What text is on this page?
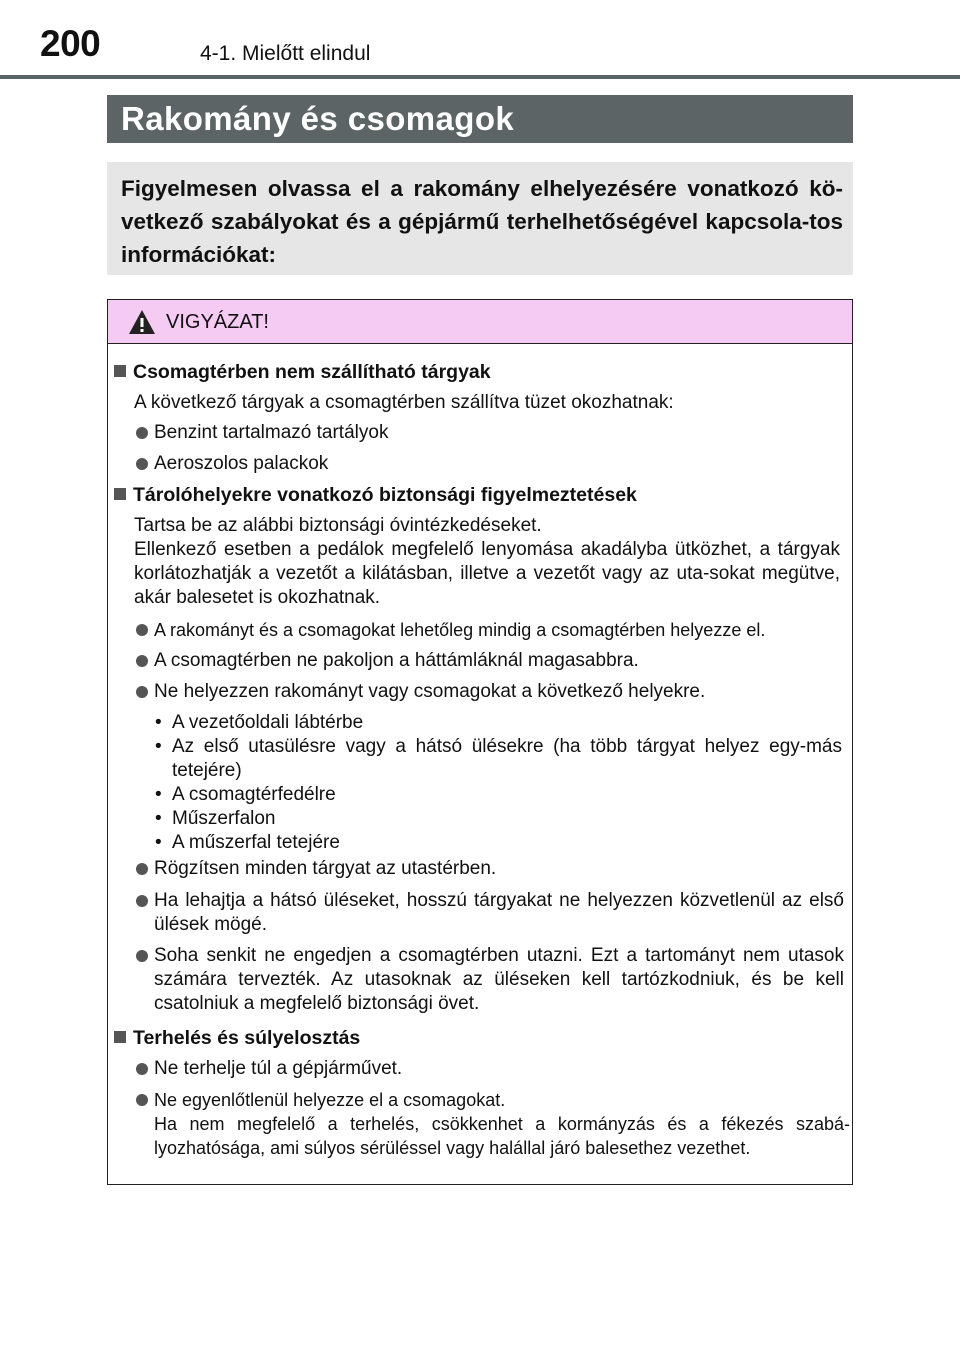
200	4-1. Mielőtt elindul
Rakomány és csomagok

Figyelmesen olvassa el a rakomány elhelyezésére vonatkozó kö-vetkező szabályokat és a gépjármű terhelhetőségével kapcsola-tos információkat:

VIGYÁZAT!
Csomagtérben nem szállítható tárgyak
A következő tárgyak a csomagtérben szállítva tüzet okozhatnak:
Benzint tartalmazó tartályok
Aeroszolos palackok
Tárolóhelyekre vonatkozó biztonsági figyelmeztetések
Tartsa be az alábbi biztonsági óvintézkedéseket.
Ellenkező esetben a pedálok megfelelő lenyomása akadályba ütközhet, a tárgyak korlátozhatják a vezetőt a kilátásban, illetve a vezetőt vagy az uta-sokat megütve, akár balesetet is okozhatnak.
A rakományt és a csomagokat lehetőleg mindig a csomagtérben helyezze el.
A csomagtérben ne pakoljon a háttámláknál magasabbra.
Ne helyezzen rakományt vagy csomagokat a következő helyekre.
• A vezetőoldali lábtérbe
• Az első utasülésre vagy a hátsó ülésekre (ha több tárgyat helyez egy-más tetejére)
• A csomagtérfedélre
• Műszerfalon
• A műszerfal tetejére
Rögzítsen minden tárgyat az utastérben.
Ha lehajtja a hátsó üléseket, hosszú tárgyakat ne helyezzen közvetlenül az első ülések mögé.
Soha senkit ne engedjen a csomagtérben utazni. Ezt a tartományt nem utasok számára tervezték. Az utasoknak az üléseken kell tartózkodniuk, és be kell csatolniuk a megfelelő biztonsági övet.
Terhelés és súlyelosztás
Ne terhelje túl a gépjárművet.
Ne egyenlőtlenül helyezze el a csomagokat.
Ha nem megfelelő a terhelés, csökkenhet a kormányzás és a fékezés szabá-lyozhatósága, ami súlyos sérüléssel vagy halállal járó balesethez vezethet.
